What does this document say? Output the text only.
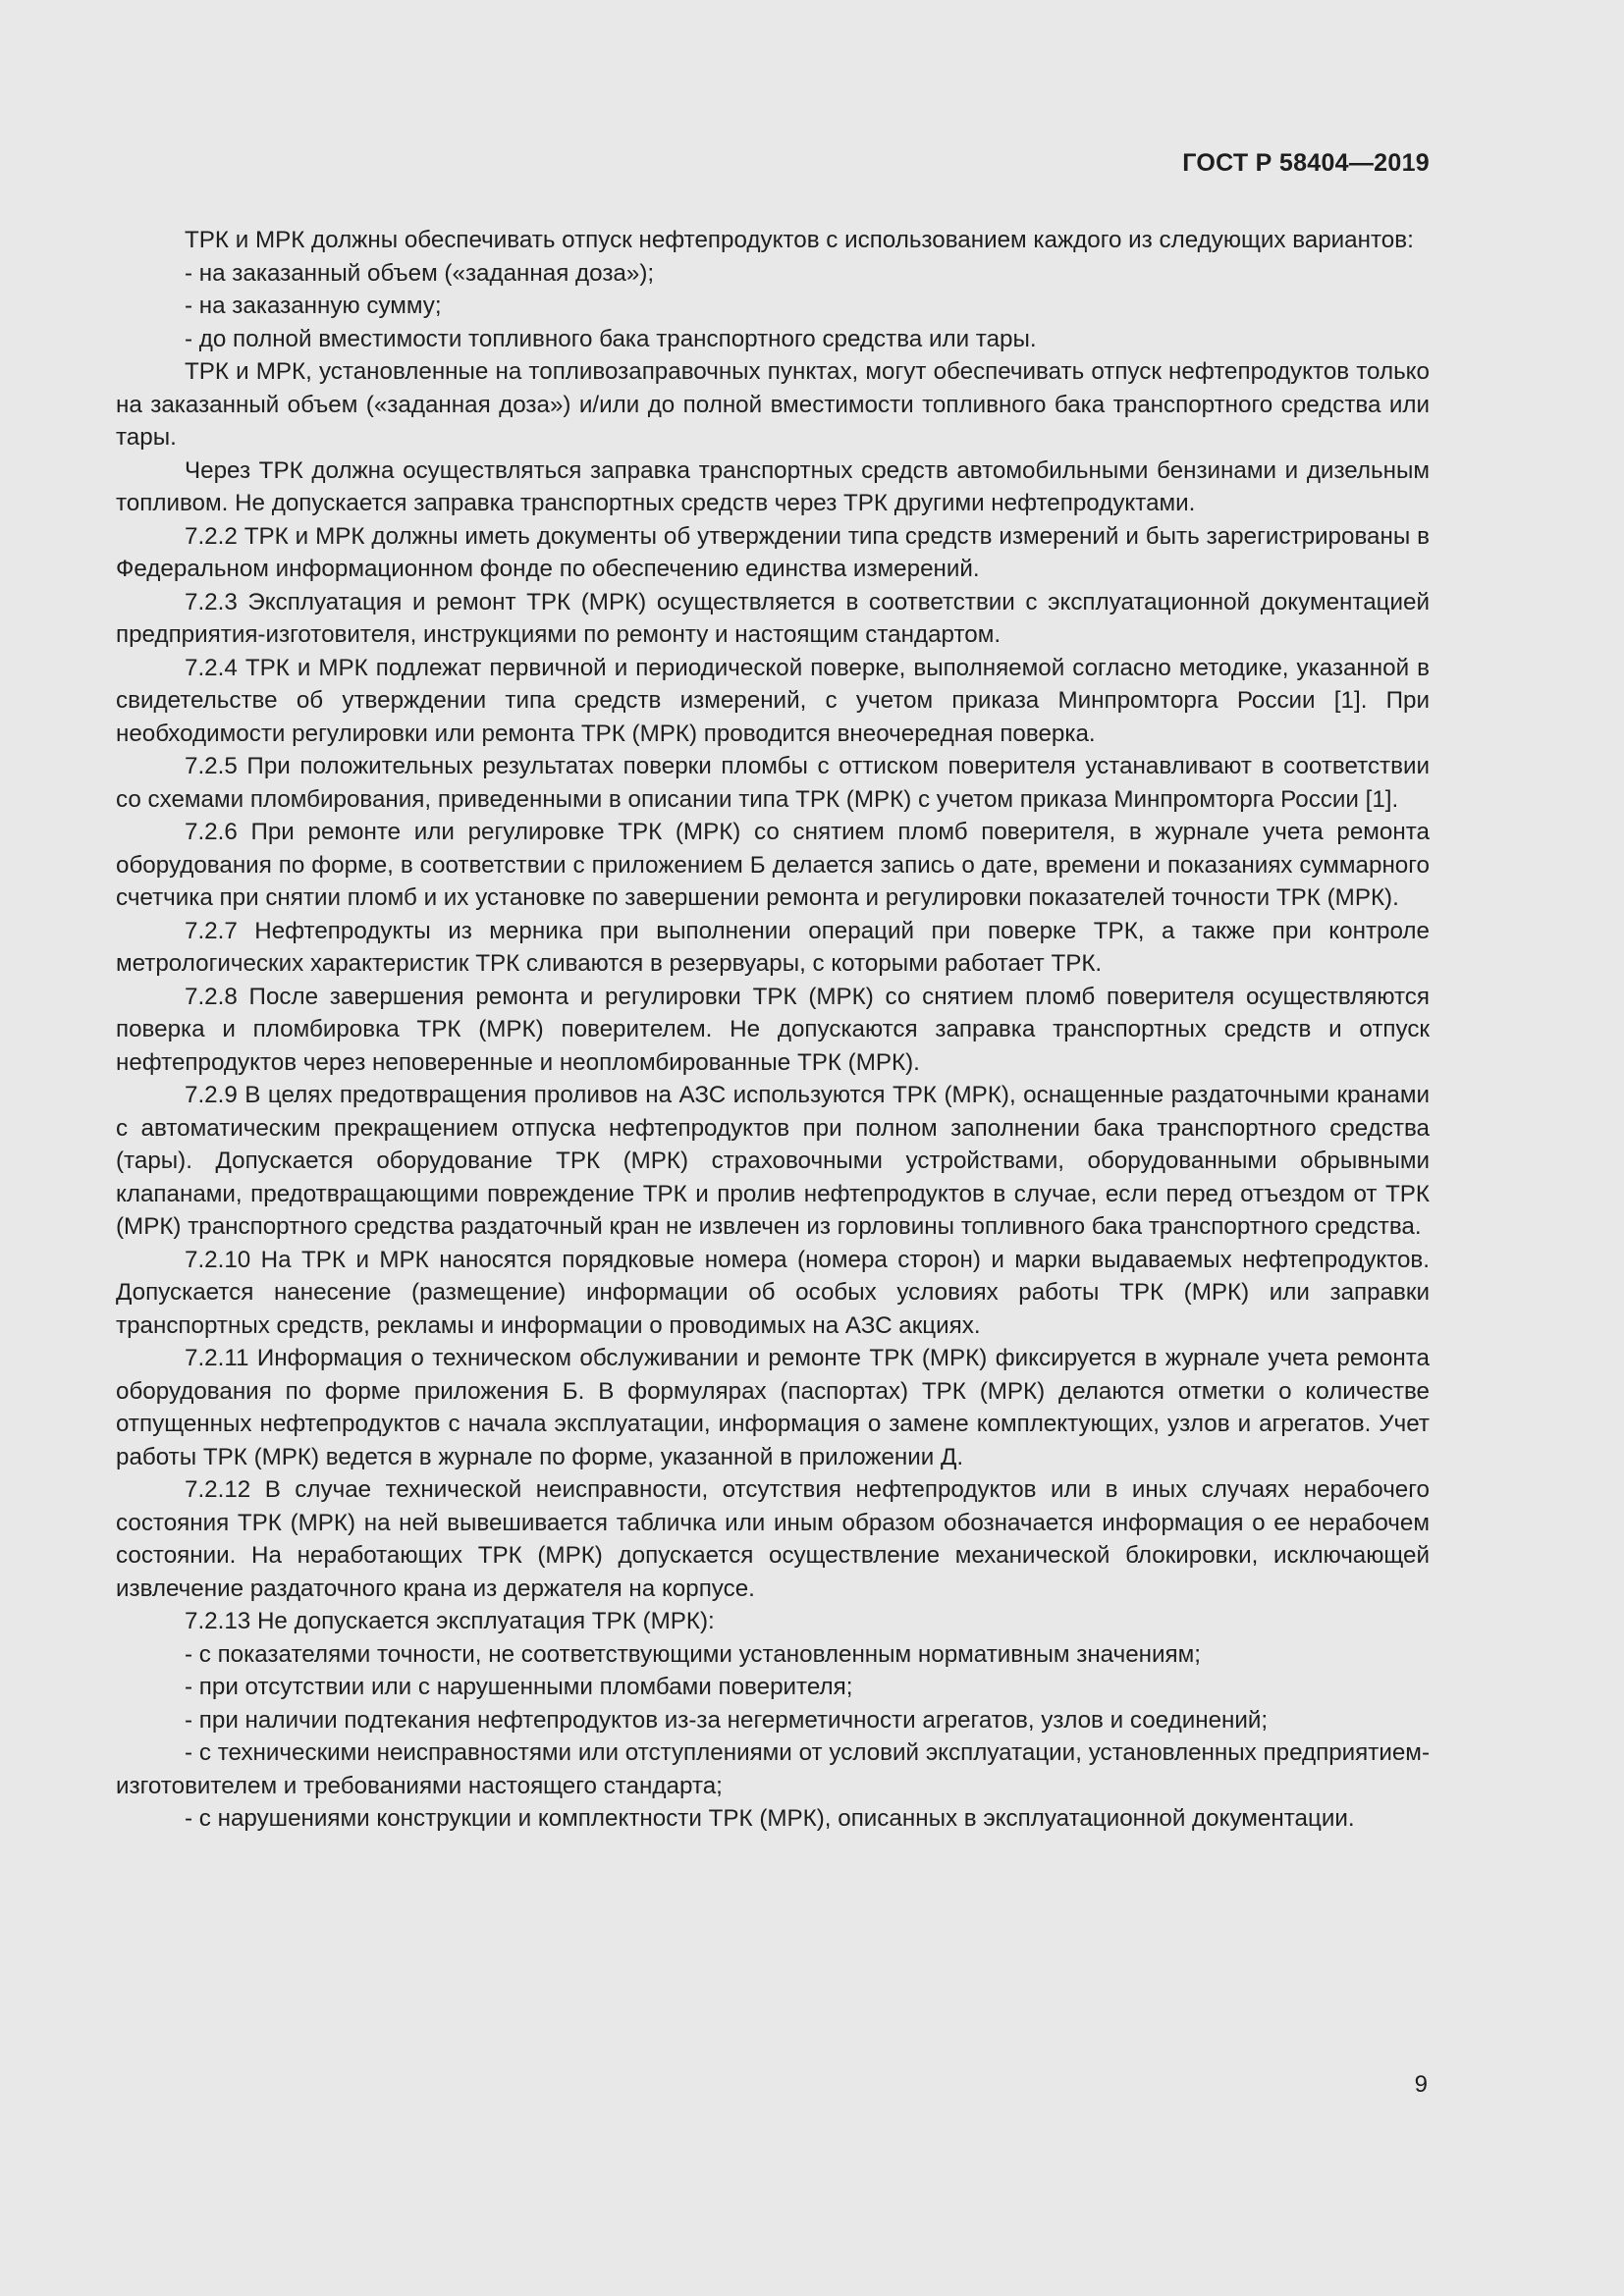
ГОСТ Р 58404—2019

ТРК и МРК должны обеспечивать отпуск нефтепродуктов с использованием каждого из следующих вариантов:

- на заказанный объем («заданная доза»);

- на заказанную сумму;

- до полной вместимости топливного бака транспортного средства или тары.

ТРК и МРК, установленные на топливозаправочных пунктах, могут обеспечивать отпуск нефтепродуктов только на заказанный объем («заданная доза») и/или до полной вместимости топливного бака транспортного средства или тары.

Через ТРК должна осуществляться заправка транспортных средств автомобильными бензинами и дизельным топливом. Не допускается заправка транспортных средств через ТРК другими нефтепродуктами.

7.2.2 ТРК и МРК должны иметь документы об утверждении типа средств измерений и быть зарегистрированы в Федеральном информационном фонде по обеспечению единства измерений.

7.2.3 Эксплуатация и ремонт ТРК (МРК) осуществляется в соответствии с эксплуатационной документацией предприятия-изготовителя, инструкциями по ремонту и настоящим стандартом.

7.2.4 ТРК и МРК подлежат первичной и периодической поверке, выполняемой согласно методике, указанной в свидетельстве об утверждении типа средств измерений, с учетом приказа Минпромторга России [1]. При необходимости регулировки или ремонта ТРК (МРК) проводится внеочередная поверка.

7.2.5 При положительных результатах поверки пломбы с оттиском поверителя устанавливают в соответствии со схемами пломбирования, приведенными в описании типа ТРК (МРК) с учетом приказа Минпромторга России [1].

7.2.6 При ремонте или регулировке ТРК (МРК) со снятием пломб поверителя, в журнале учета ремонта оборудования по форме, в соответствии с приложением Б делается запись о дате, времени и показаниях суммарного счетчика при снятии пломб и их установке по завершении ремонта и регулировки показателей точности ТРК (МРК).

7.2.7 Нефтепродукты из мерника при выполнении операций при поверке ТРК, а также при контроле метрологических характеристик ТРК сливаются в резервуары, с которыми работает ТРК.

7.2.8 После завершения ремонта и регулировки ТРК (МРК) со снятием пломб поверителя осуществляются поверка и пломбировка ТРК (МРК) поверителем. Не допускаются заправка транспортных средств и отпуск нефтепродуктов через неповеренные и неопломбированные ТРК (МРК).

7.2.9 В целях предотвращения проливов на АЗС используются ТРК (МРК), оснащенные раздаточными кранами с автоматическим прекращением отпуска нефтепродуктов при полном заполнении бака транспортного средства (тары). Допускается оборудование ТРК (МРК) страховочными устройствами, оборудованными обрывными клапанами, предотвращающими повреждение ТРК и пролив нефтепродуктов в случае, если перед отъездом от ТРК (МРК) транспортного средства раздаточный кран не извлечен из горловины топливного бака транспортного средства.

7.2.10 На ТРК и МРК наносятся порядковые номера (номера сторон) и марки выдаваемых нефтепродуктов. Допускается нанесение (размещение) информации об особых условиях работы ТРК (МРК) или заправки транспортных средств, рекламы и информации о проводимых на АЗС акциях.

7.2.11 Информация о техническом обслуживании и ремонте ТРК (МРК) фиксируется в журнале учета ремонта оборудования по форме приложения Б. В формулярах (паспортах) ТРК (МРК) делаются отметки о количестве отпущенных нефтепродуктов с начала эксплуатации, информация о замене комплектующих, узлов и агрегатов. Учет работы ТРК (МРК) ведется в журнале по форме, указанной в приложении Д.

7.2.12 В случае технической неисправности, отсутствия нефтепродуктов или в иных случаях нерабочего состояния ТРК (МРК) на ней вывешивается табличка или иным образом обозначается информация о ее нерабочем состоянии. На неработающих ТРК (МРК) допускается осуществление механической блокировки, исключающей извлечение раздаточного крана из держателя на корпусе.

7.2.13 Не допускается эксплуатация ТРК (МРК):

- с показателями точности, не соответствующими установленным нормативным значениям;

- при отсутствии или с нарушенными пломбами поверителя;

- при наличии подтекания нефтепродуктов из-за негерметичности агрегатов, узлов и соединений;

- с техническими неисправностями или отступлениями от условий эксплуатации, установленных предприятием-изготовителем и требованиями настоящего стандарта;

- с нарушениями конструкции и комплектности ТРК (МРК), описанных в эксплуатационной документации.

9
